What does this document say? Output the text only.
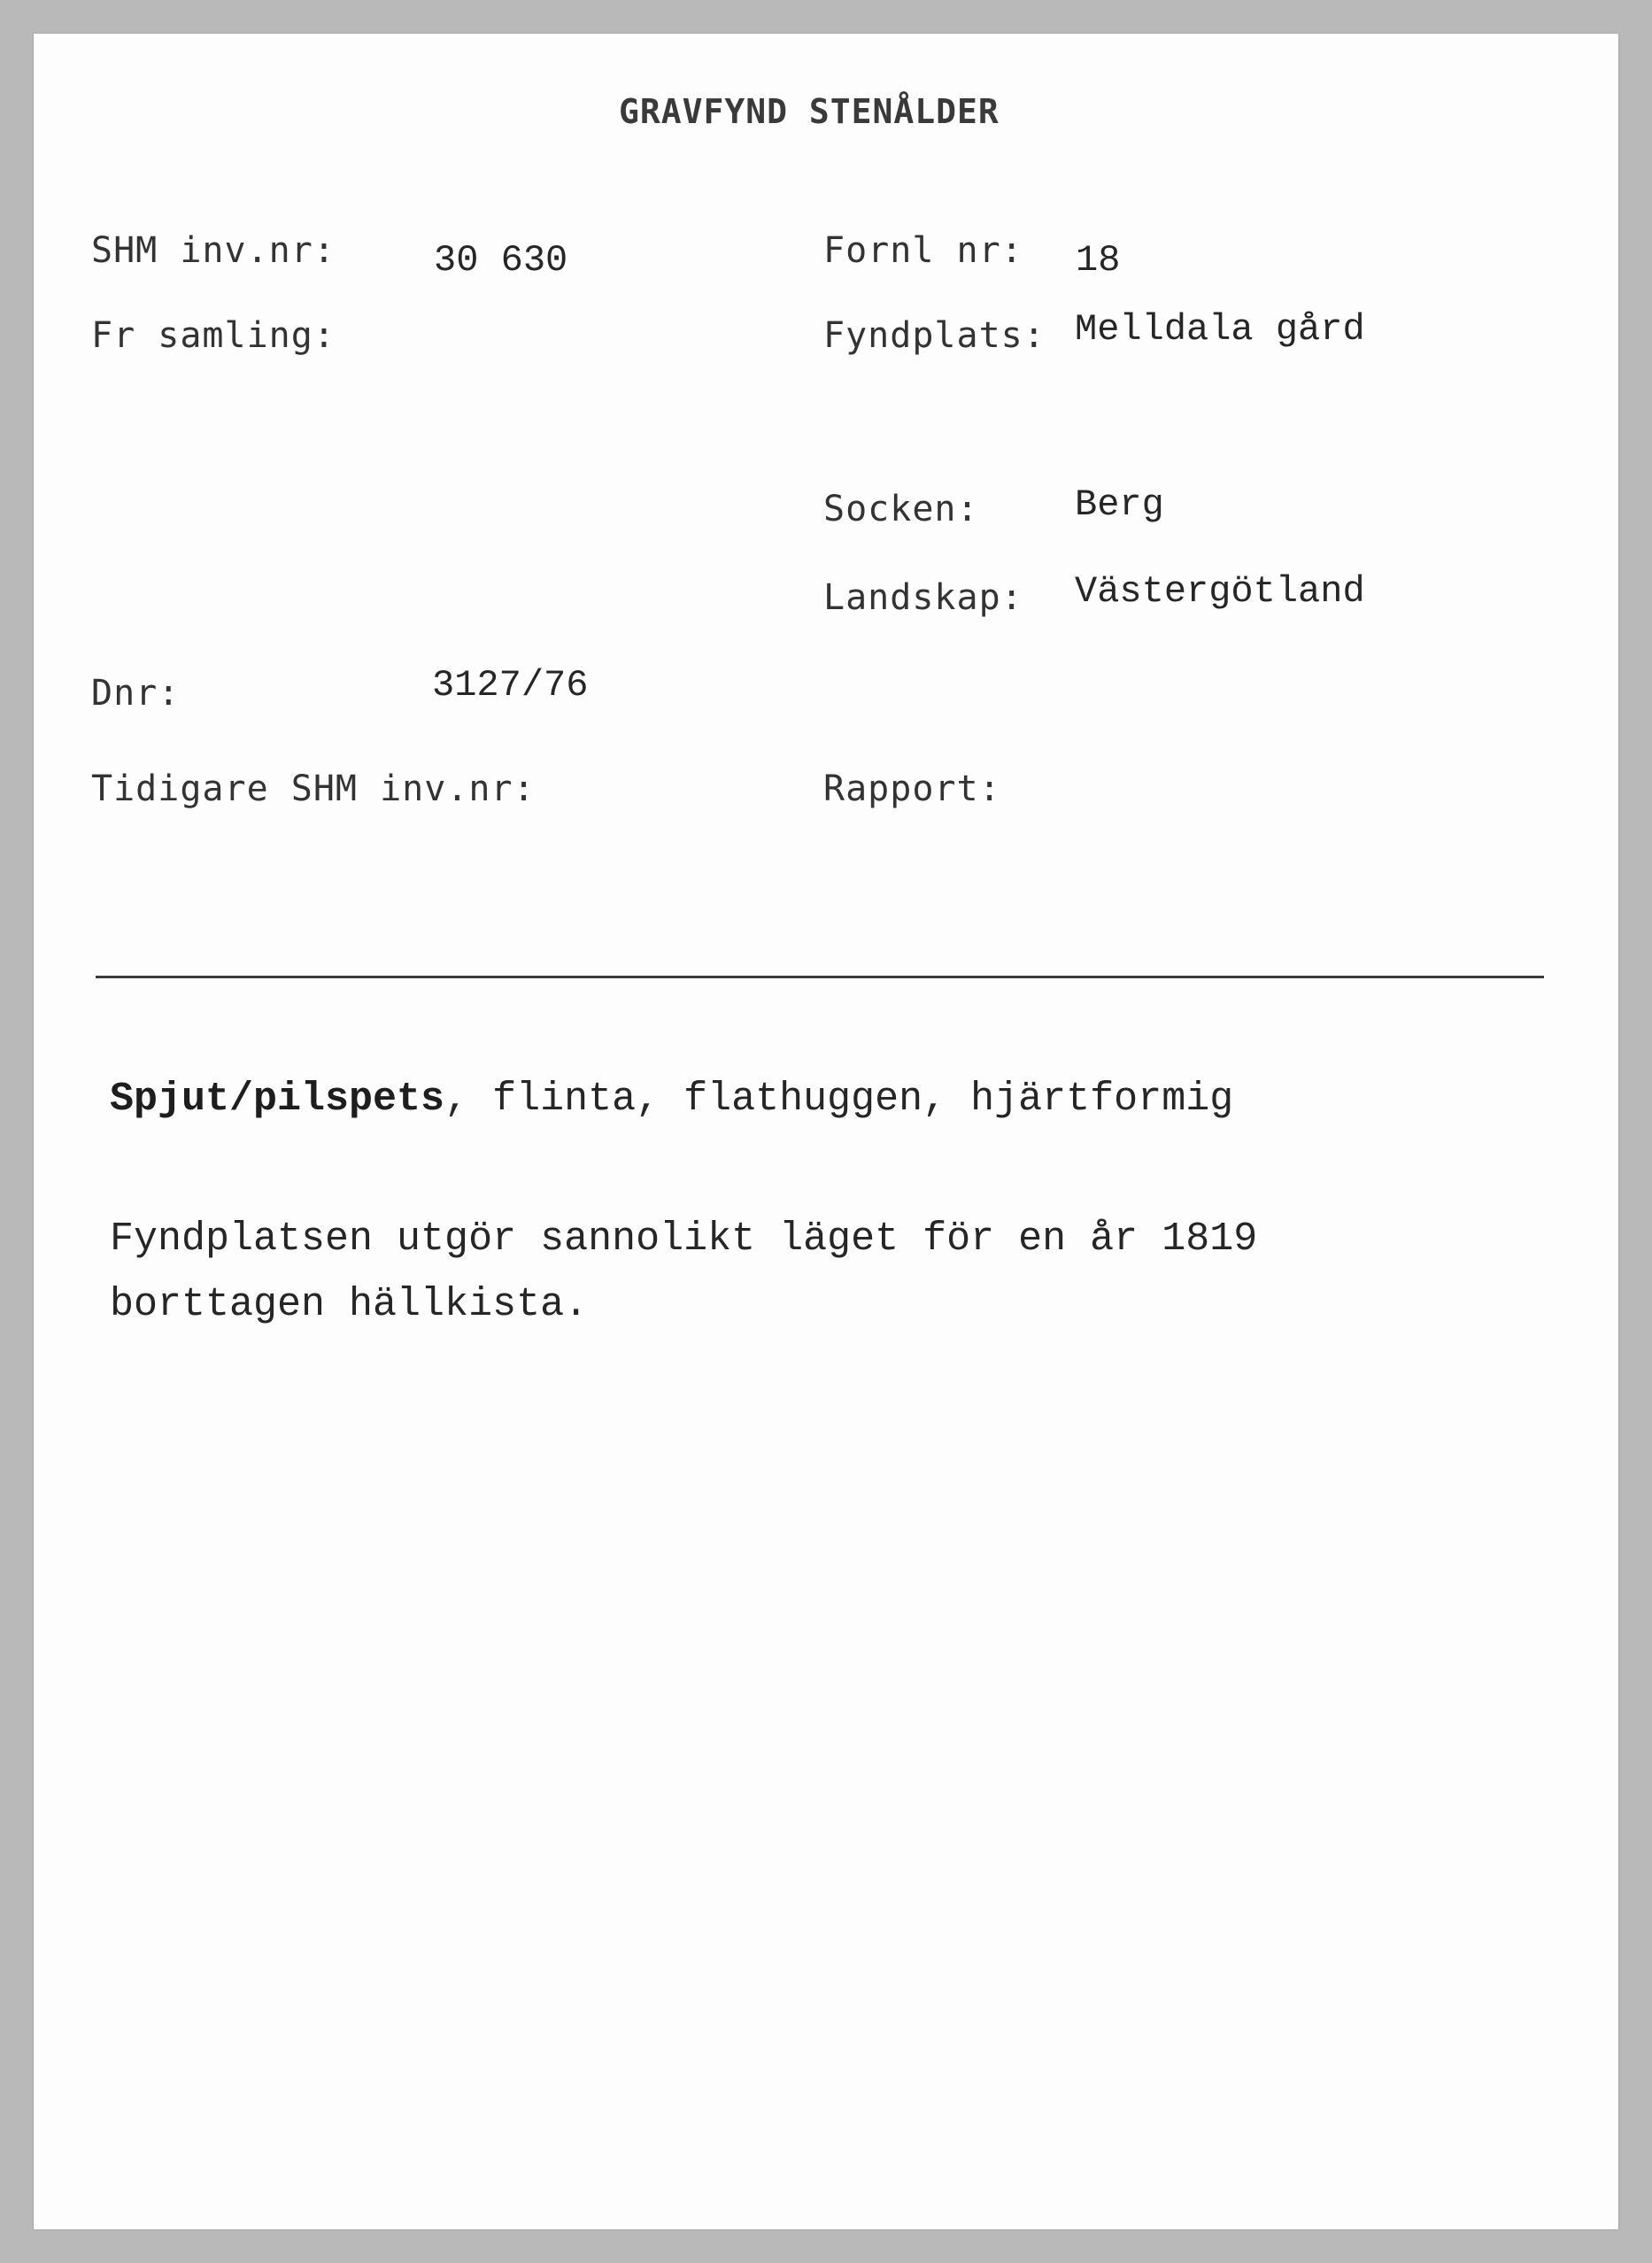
GRAVFYND STENÅLDER
SHM inv.nr:	30 630	Fornl nr: 18
Fr samling:	Fyndplats: Melldala gård
Socken:	Berg
Landskap: Västergötland
Dnr:	3127/76
Tidigare SHM inv.nr:	Rapport:
Spjut/pilspets, flinta, flathuggen, hjärtformig
Fyndplatsen utgör sannolikt läget för en år 1819
borttagen hällkista.
